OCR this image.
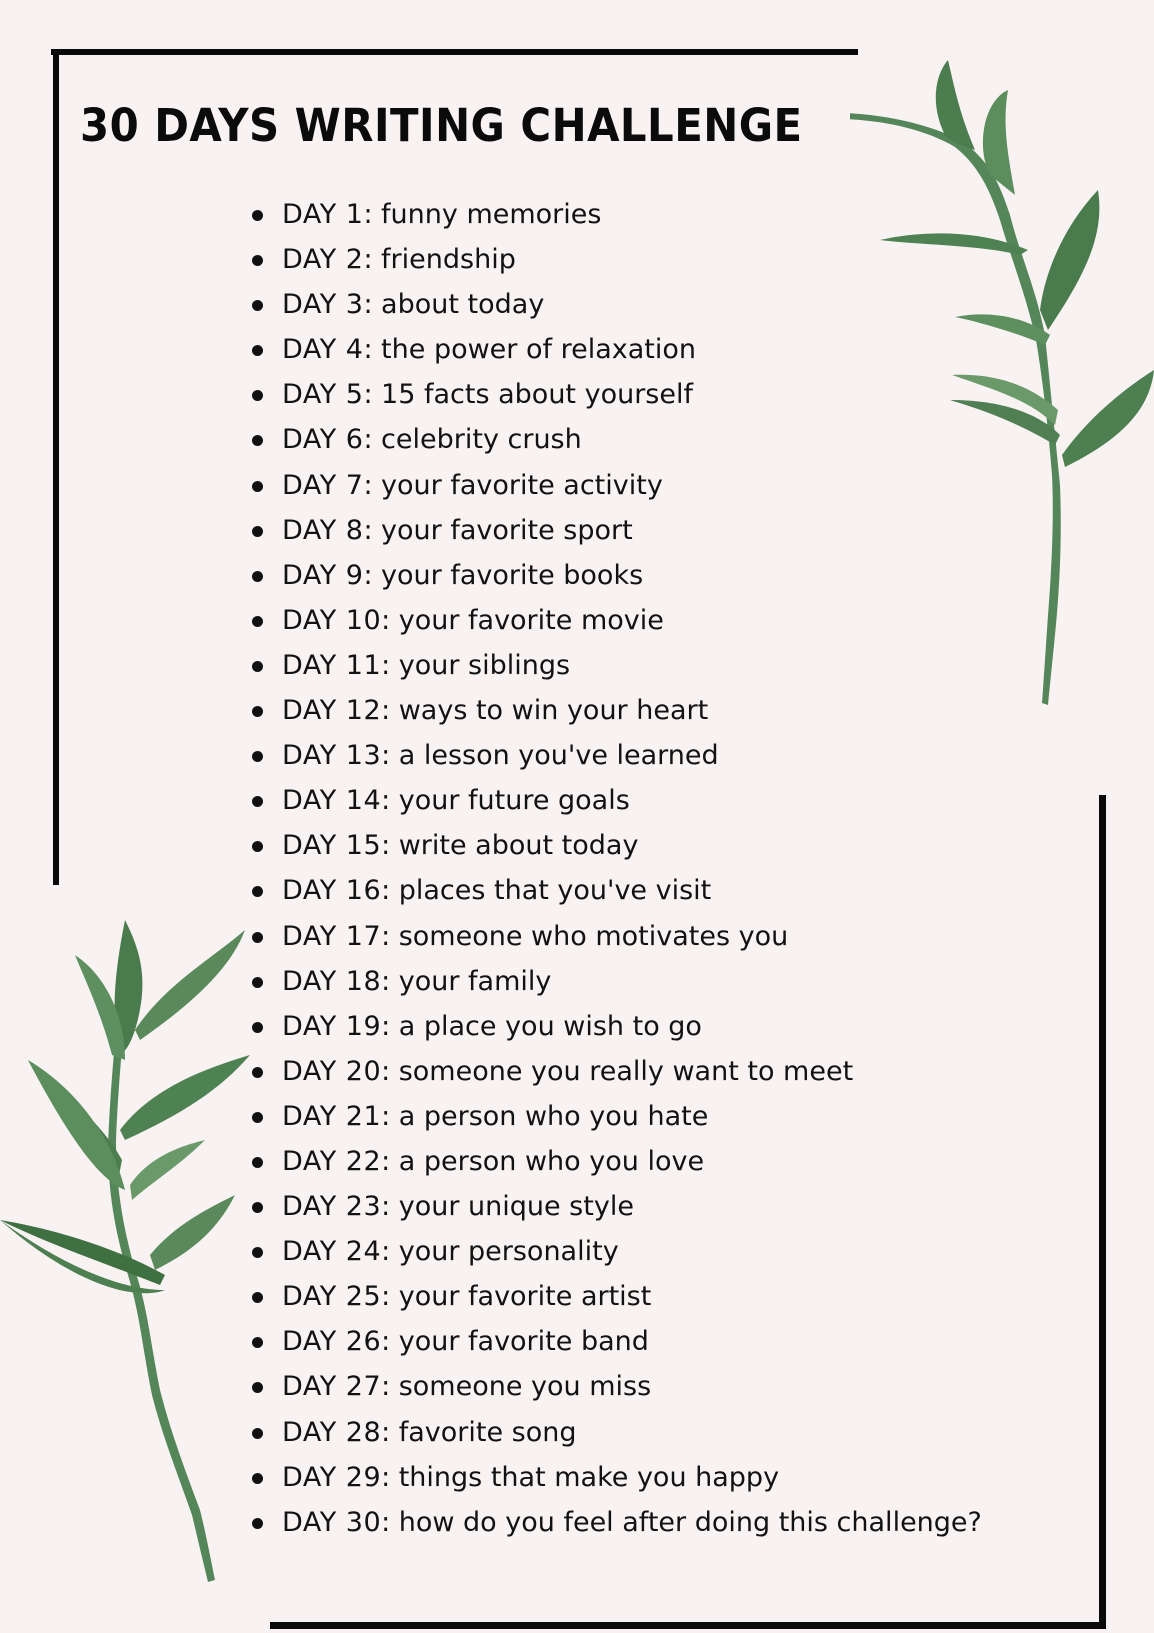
30 DAYS WRITING CHALLENGE
DAY 1: funny memories
DAY 2: friendship
DAY 3: about today
DAY 4: the power of relaxation
DAY 5: 15 facts about yourself
DAY 6: celebrity crush
DAY 7: your favorite activity
DAY 8: your favorite sport
DAY 9: your favorite books
DAY 10: your favorite movie
DAY 11: your siblings
DAY 12: ways to win your heart
DAY 13: a lesson you've learned
DAY 14: your future goals
DAY 15: write about today
DAY 16: places that you've visit
DAY 17: someone who motivates you
DAY 18: your family
DAY 19: a place you wish to go
DAY 20: someone you really want to meet
DAY 21: a person who you hate
DAY 22: a person who you love
DAY 23: your unique style
DAY 24: your personality
DAY 25: your favorite artist
DAY 26: your favorite band
DAY 27: someone you miss
DAY 28: favorite song
DAY 29: things that make you happy
DAY 30: how do you feel after doing this challenge?
